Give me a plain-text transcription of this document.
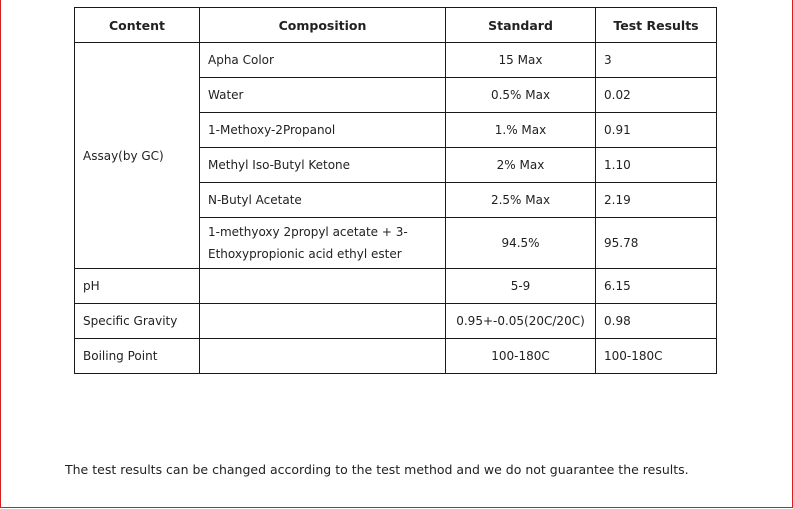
Content	Composition	Standard	Test Results
Assay(by GC)	Apha Color	15 Max	3
	Water	0.5% Max	0.02
	1-Methoxy-2Propanol	1.% Max	0.91
	Methyl Iso-Butyl Ketone	2% Max	1.10
	N-Butyl Acetate	2.5% Max	2.19
	1-methyoxy 2propyl acetate + 3-Ethoxypropionic acid ethyl ester	94.5%	95.78
pH		5-9	6.15
Specific Gravity		0.95+-0.05(20C/20C)	0.98
Boiling Point		100-180C	100-180C
The test results can be changed according to the test method and we do not guarantee the results.
